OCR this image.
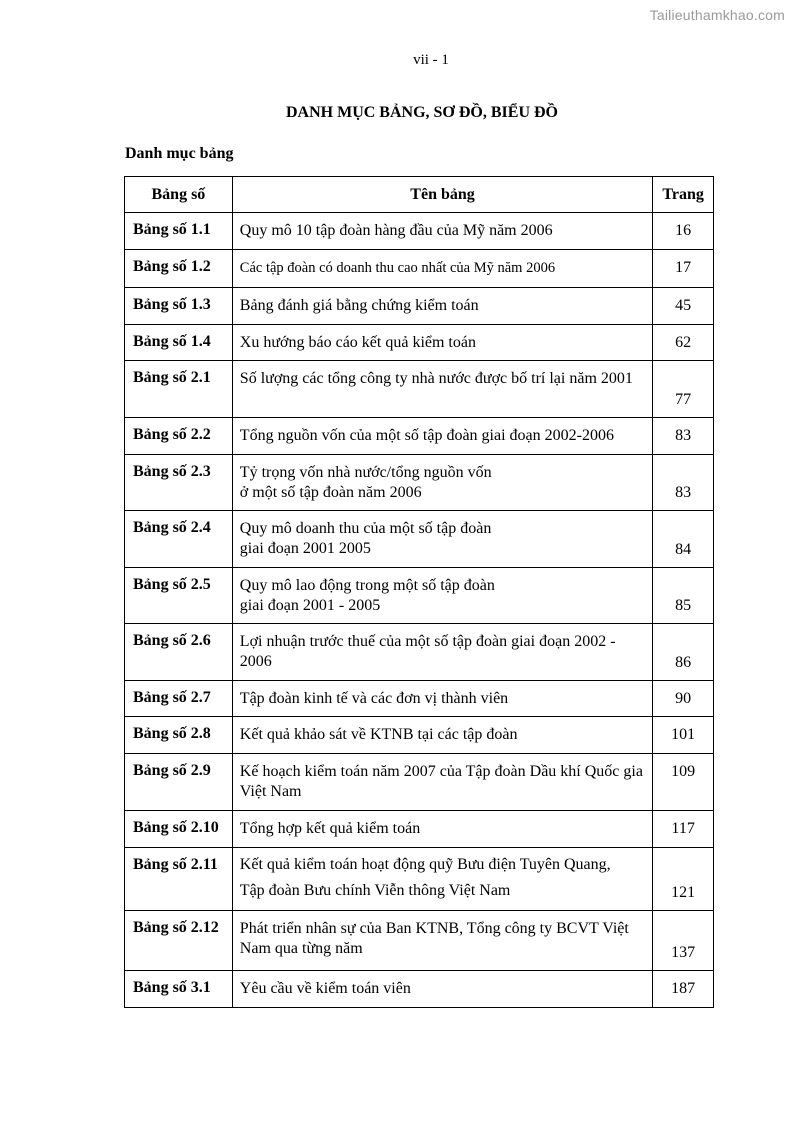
Tailieuthamkhao.com
vii - 1
DANH MỤC BẢNG, SƠ ĐỒ, BIỂU ĐỒ
Danh mục bảng
Bảng số	Tên bảng	Trang
Bảng số 1.1	Quy mô 10 tập đoàn hàng đầu của Mỹ năm 2006	16

Bảng số 1.2	Các tập đoàn có doanh thu cao nhất của Mỹ năm 2006	17

Bảng số 1.3	Bảng đánh giá bằng chứng kiểm toán	45

Bảng số 1.4	Xu hướng báo cáo kết quả kiểm toán	62

Bảng số 2.1	Số lượng các tổng công ty nhà nước được bố trí lại năm 2001	77

Bảng số 2.2	Tổng nguồn vốn của một số tập đoàn giai đoạn 2002-2006	83

Bảng số 2.3	Tỷ trọng vốn nhà nước/tổng nguồn vốn
ở một số tập đoàn năm 2006	83

Bảng số 2.4	Quy mô doanh thu của một số tập đoàn
giai đoạn 2001 2005	84

Bảng số 2.5	Quy mô lao động trong một số tập đoàn
giai đoạn 2001 - 2005	85

Bảng số 2.6	Lợi nhuận trước thuế của một số tập đoàn giai đoạn 2002 - 2006	86

Bảng số 2.7	Tập đoàn kinh tế và các đơn vị thành viên	90

Bảng số 2.8	Kết quả khảo sát về KTNB tại các tập đoàn	101

Bảng số 2.9	Kế hoạch kiểm toán năm 2007 của Tập đoàn Dầu khí Quốc gia Việt Nam	109

Bảng số 2.10	Tổng hợp kết quả kiểm toán	117

Bảng số 2.11	Kết quả kiểm toán hoạt động quỹ Bưu điện Tuyên Quang,
Tập đoàn Bưu chính Viễn thông Việt Nam	121

Bảng số 2.12	Phát triển nhân sự của Ban KTNB, Tổng công ty BCVT Việt Nam qua từng năm	137

Bảng số 3.1	Yêu cầu về kiểm toán viên	187
